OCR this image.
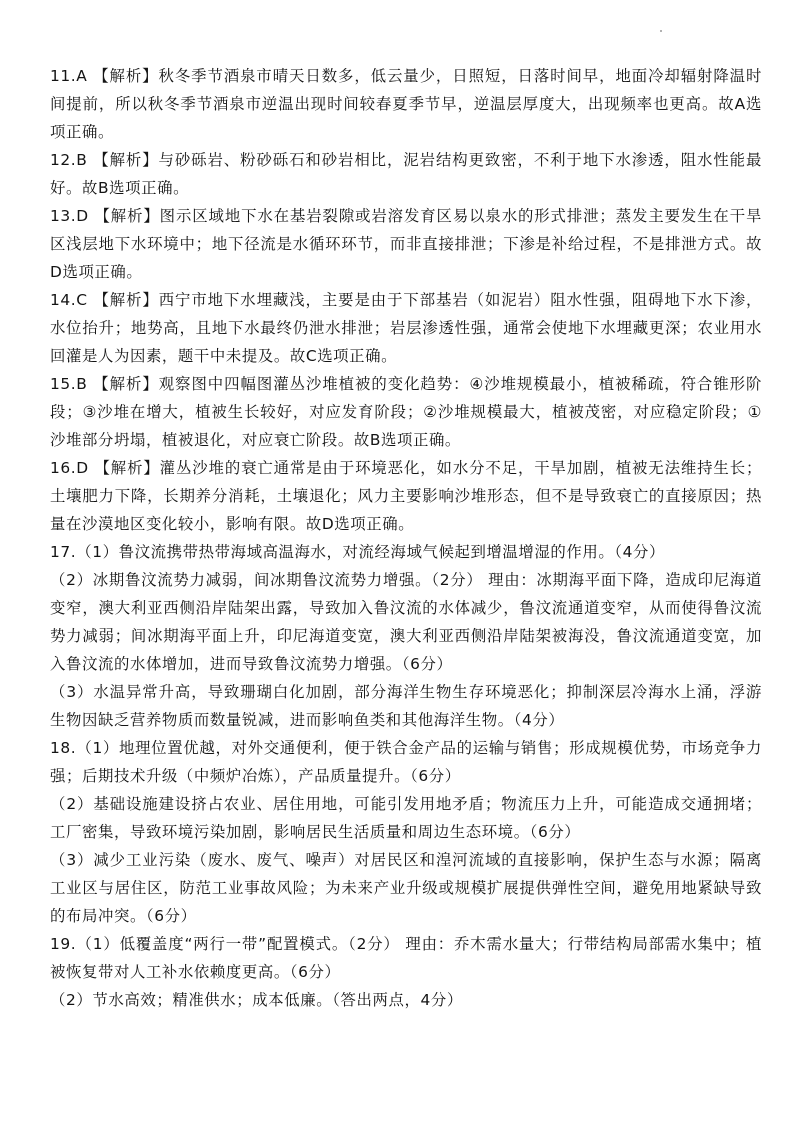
11.A 【解析】秋冬季节酒泉市晴天日数多，低云量少，日照短，日落时间早，地面冷却辐射降温时间提前，所以秋冬季节酒泉市逆温出现时间较春夏季节早，逆温层厚度大，出现频率也更高。故A选项正确。

12.B 【解析】与砂砾岩、粉砂砾石和砂岩相比，泥岩结构更致密，不利于地下水渗透，阻水性能最好。故B选项正确。

13.D 【解析】图示区域地下水在基岩裂隙或岩溶发育区易以泉水的形式排泄；蒸发主要发生在干旱区浅层地下水环境中；地下径流是水循环环节，而非直接排泄；下渗是补给过程，不是排泄方式。故D选项正确。

14.C 【解析】西宁市地下水埋藏浅，主要是由于下部基岩（如泥岩）阻水性强，阻碍地下水下渗，水位抬升；地势高，且地下水最终仍泄水排泄；岩层渗透性强，通常会使地下水埋藏更深；农业用水回灌是人为因素，题干中未提及。故C选项正确。

15.B 【解析】观察图中四幅图灌丛沙堆植被的变化趋势：④沙堆规模最小，植被稀疏，符合锥形阶段；③沙堆在增大，植被生长较好，对应发育阶段；②沙堆规模最大，植被茂密，对应稳定阶段；①沙堆部分坍塌，植被退化，对应衰亡阶段。故B选项正确。

16.D 【解析】灌丛沙堆的衰亡通常是由于环境恶化，如水分不足，干旱加剧，植被无法维持生长；土壤肥力下降，长期养分消耗，土壤退化；风力主要影响沙堆形态，但不是导致衰亡的直接原因；热量在沙漠地区变化较小，影响有限。故D选项正确。

17.（1）鲁汶流携带热带海域高温海水，对流经海域气候起到增温增湿的作用。（4分）

（2）冰期鲁汶流势力减弱，间冰期鲁汶流势力增强。（2分） 理由：冰期海平面下降，造成印尼海道变窄，澳大利亚西侧沿岸陆架出露，导致加入鲁汶流的水体减少，鲁汶流通道变窄，从而使得鲁汶流势力减弱；间冰期海平面上升，印尼海道变宽，澳大利亚西侧沿岸陆架被海没，鲁汶流通道变宽，加入鲁汶流的水体增加，进而导致鲁汶流势力增强。（6分）

（3）水温异常升高，导致珊瑚白化加剧，部分海洋生物生存环境恶化；抑制深层冷海水上涌，浮游生物因缺乏营养物质而数量锐减，进而影响鱼类和其他海洋生物。（4分）

18.（1）地理位置优越，对外交通便利，便于铁合金产品的运输与销售；形成规模优势，市场竞争力强；后期技术升级（中频炉冶炼），产品质量提升。（6分）

（2）基础设施建设挤占农业、居住用地，可能引发用地矛盾；物流压力上升，可能造成交通拥堵；工厂密集，导致环境污染加剧，影响居民生活质量和周边生态环境。（6分）

（3）减少工业污染（废水、废气、噪声）对居民区和湟河流域的直接影响，保护生态与水源；隔离工业区与居住区，防范工业事故风险；为未来产业升级或规模扩展提供弹性空间，避免用地紧缺导致的布局冲突。（6分）

19.（1）低覆盖度“两行一带”配置模式。（2分） 理由：乔木需水量大；行带结构局部需水集中；植被恢复带对人工补水依赖度更高。（6分）

（2）节水高效；精准供水；成本低廉。（答出两点，4分）
